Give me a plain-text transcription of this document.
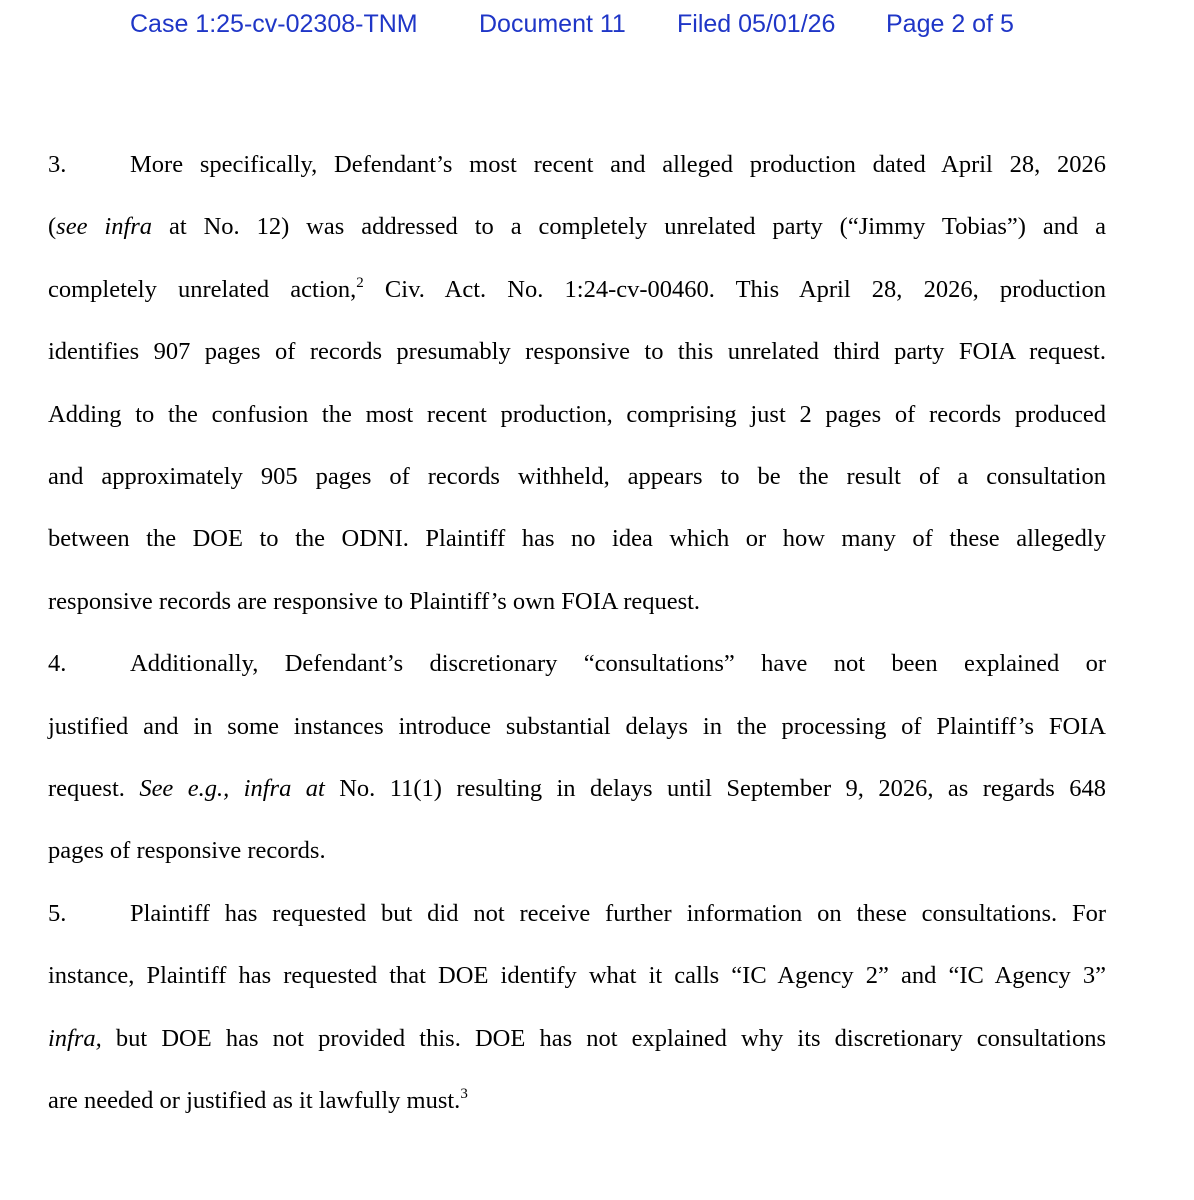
Case 1:25-cv-02308-TNM Document 11 Filed 05/01/26 Page 2 of 5
3.	More specifically, Defendant’s most recent and alleged production dated April 28, 2026
(see infra at No. 12) was addressed to a completely unrelated party (“Jimmy Tobias”) and a
completely unrelated action,$^2$ Civ. Act. No. 1:24-cv-00460. This April 28, 2026, production
identifies 907 pages of records presumably responsive to this unrelated third party FOIA request.
Adding to the confusion the most recent production, comprising just 2 pages of records produced
and approximately 905 pages of records withheld, appears to be the result of a consultation
between the DOE to the ODNI. Plaintiff has no idea which or how many of these allegedly
responsive records are responsive to Plaintiff’s own FOIA request.
4.	Additionally, Defendant’s discretionary “consultations” have not been explained or
justified and in some instances introduce substantial delays in the processing of Plaintiff’s FOIA
request. See e.g., infra at No. 11(1) resulting in delays until September 9, 2026, as regards 648
pages of responsive records.
5.	Plaintiff has requested but did not receive further information on these consultations. For
instance, Plaintiff has requested that DOE identify what it calls “IC Agency 2” and “IC Agency 3”
infra, but DOE has not provided this. DOE has not explained why its discretionary consultations
are needed or justified as it lawfully must.$^3$
